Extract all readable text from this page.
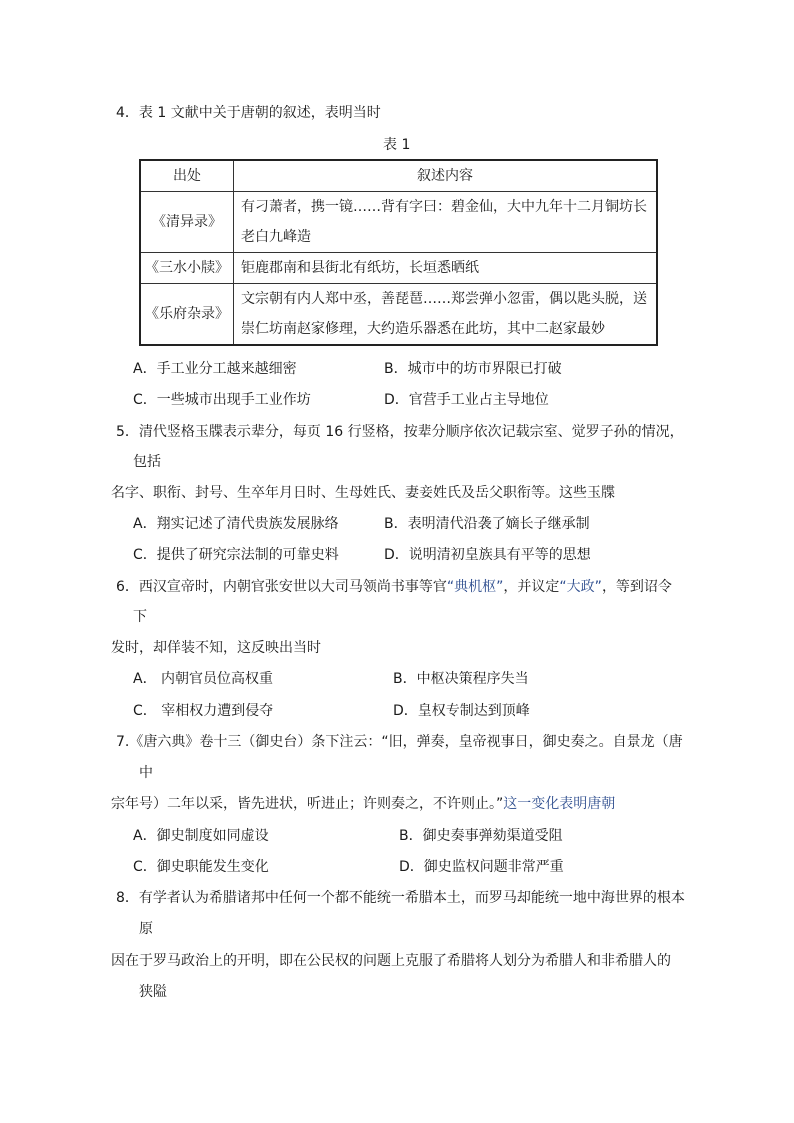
4．表 1 文献中关于唐朝的叙述，表明当时
表 1
出处	叙述内容
《清异录》	有刁萧者，携一镜……背有字曰：碧金仙，大中九年十二月铜坊长老白九峰造
《三水小牍》	钜鹿郡南和县街北有纸坊，长垣悉晒纸
《乐府杂录》	文宗朝有内人郑中丞，善琵琶……郑尝弹小忽雷，偶以匙头脱，送崇仁坊南赵家修理，大约造乐器悉在此坊，其中二赵家最妙
A．手工业分工越来越细密	B．城市中的坊市界限已打破
C．一些城市出现手工业作坊	D．官营手工业占主导地位
5．清代竖格玉牒表示辈分，每页 16 行竖格，按辈分顺序依次记载宗室、觉罗子孙的情况，
包括
名字、职衔、封号、生卒年月日时、生母姓氏、妻妾姓氏及岳父职衔等。这些玉牒
A．翔实记述了清代贵族发展脉络	B．表明清代沿袭了嫡长子继承制
C．提供了研究宗法制的可靠史料	D．说明清初皇族具有平等的思想
6．西汉宣帝时，内朝官张安世以大司马领尚书事等官“典机枢”，并议定“大政”，等到诏令
下
发时，却佯装不知，这反映出当时
A． 内朝官员位高权重	B．中枢决策程序失当
C． 宰相权力遭到侵夺	D．皇权专制达到顶峰
7.《唐六典》卷十三（御史台）条下注云：“旧，弹奏，皇帝视事日，御史奏之。自景龙（唐
中
宗年号）二年以采，皆先进状，听进止；许则奏之，不许则止。”这一变化表明唐朝
A．御史制度如同虚设	B．御史奏事弹劾渠道受阻
C．御史职能发生变化	D．御史监权问题非常严重
8．有学者认为希腊诸邦中任何一个都不能统一希腊本土，而罗马却能统一地中海世界的根本
原
因在于罗马政治上的开明，即在公民权的问题上克服了希腊将人划分为希腊人和非希腊人的
狭隘
